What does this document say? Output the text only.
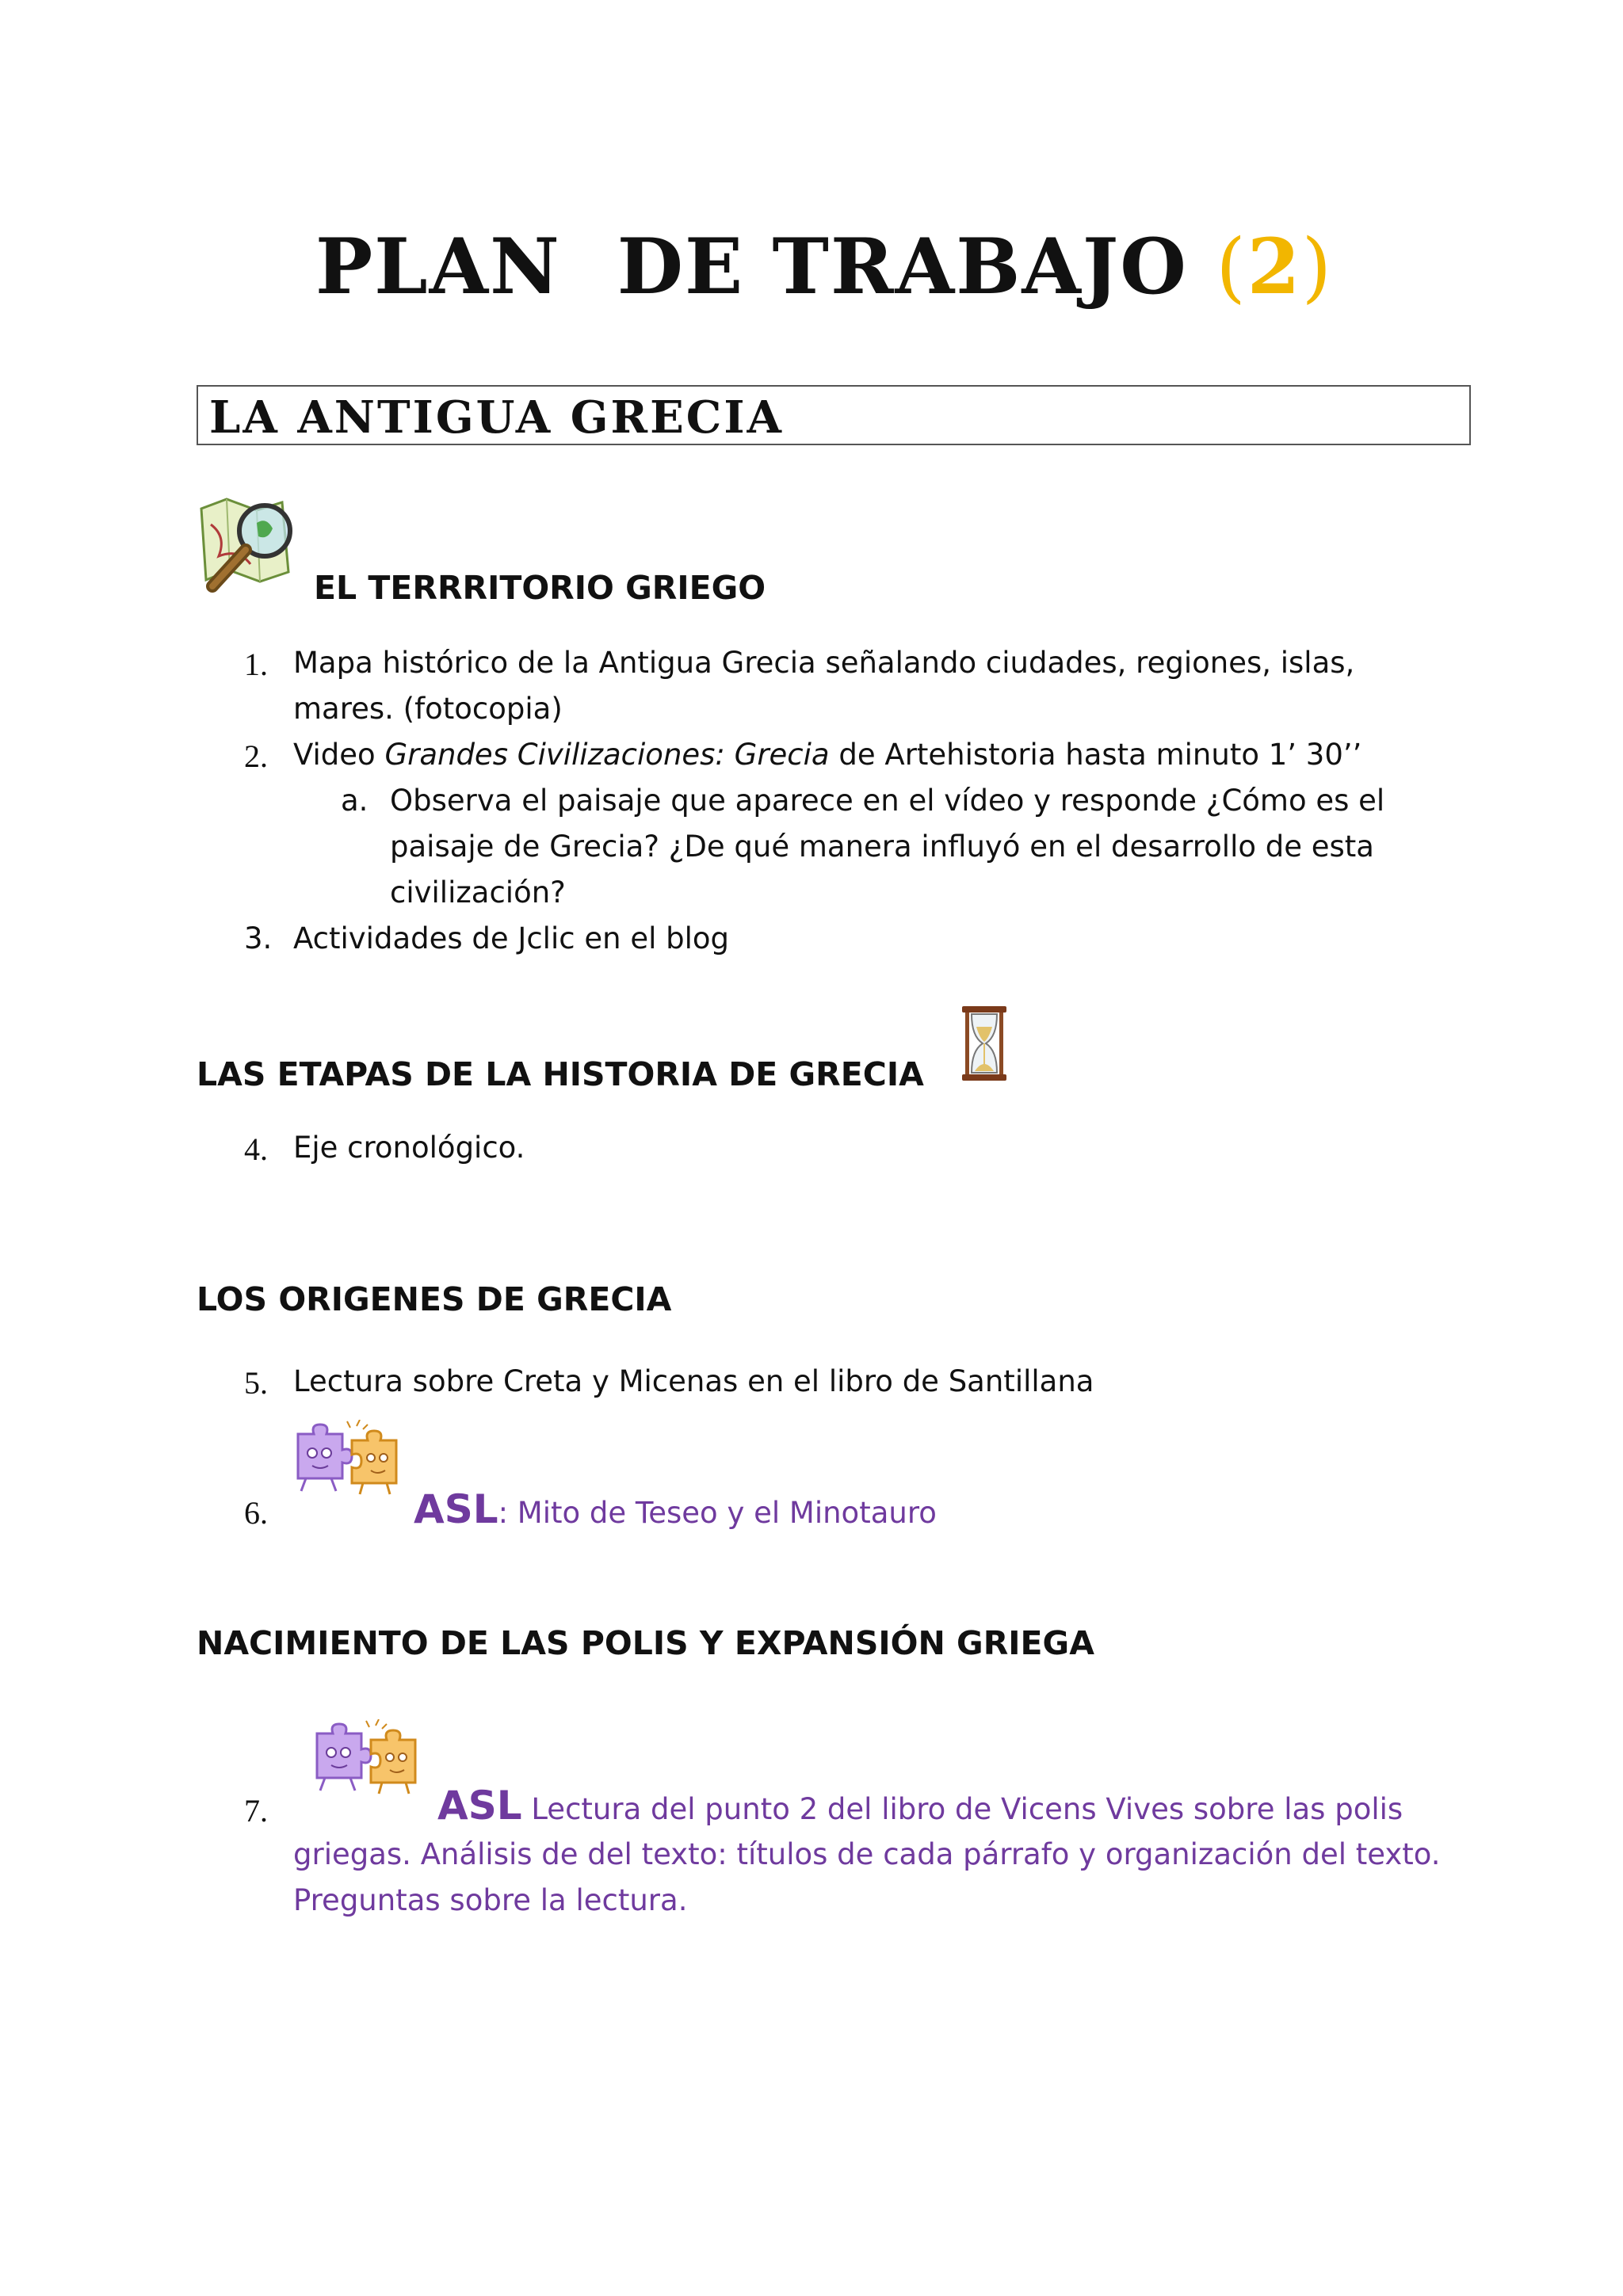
PLAN  DE TRABAJO (2)
LA ANTIGUA GRECIA
EL TERRRITORIO GRIEGO
1. Mapa histórico de la Antigua Grecia señalando ciudades, regiones, islas,
mares. (fotocopia)
2. Video Grandes Civilizaciones: Grecia de Artehistoria hasta minuto 1’ 30’’
a. Observa el paisaje que aparece en el vídeo y responde ¿Cómo es el
paisaje de Grecia? ¿De qué manera influyó en el desarrollo de esta
civilización?
3. Actividades de Jclic en el blog
LAS ETAPAS DE LA HISTORIA DE GRECIA
4. Eje cronológico.
LOS ORIGENES DE GRECIA
5. Lectura sobre Creta y Micenas en el libro de Santillana
6.	ASL: Mito de Teseo y el Minotauro
NACIMIENTO DE LAS POLIS Y EXPANSIÓN GRIEGA
7.	ASL Lectura del punto 2 del libro de Vicens Vives sobre las polis
griegas. Análisis de del texto: títulos de cada párrafo y organización del texto.
Preguntas sobre la lectura.
